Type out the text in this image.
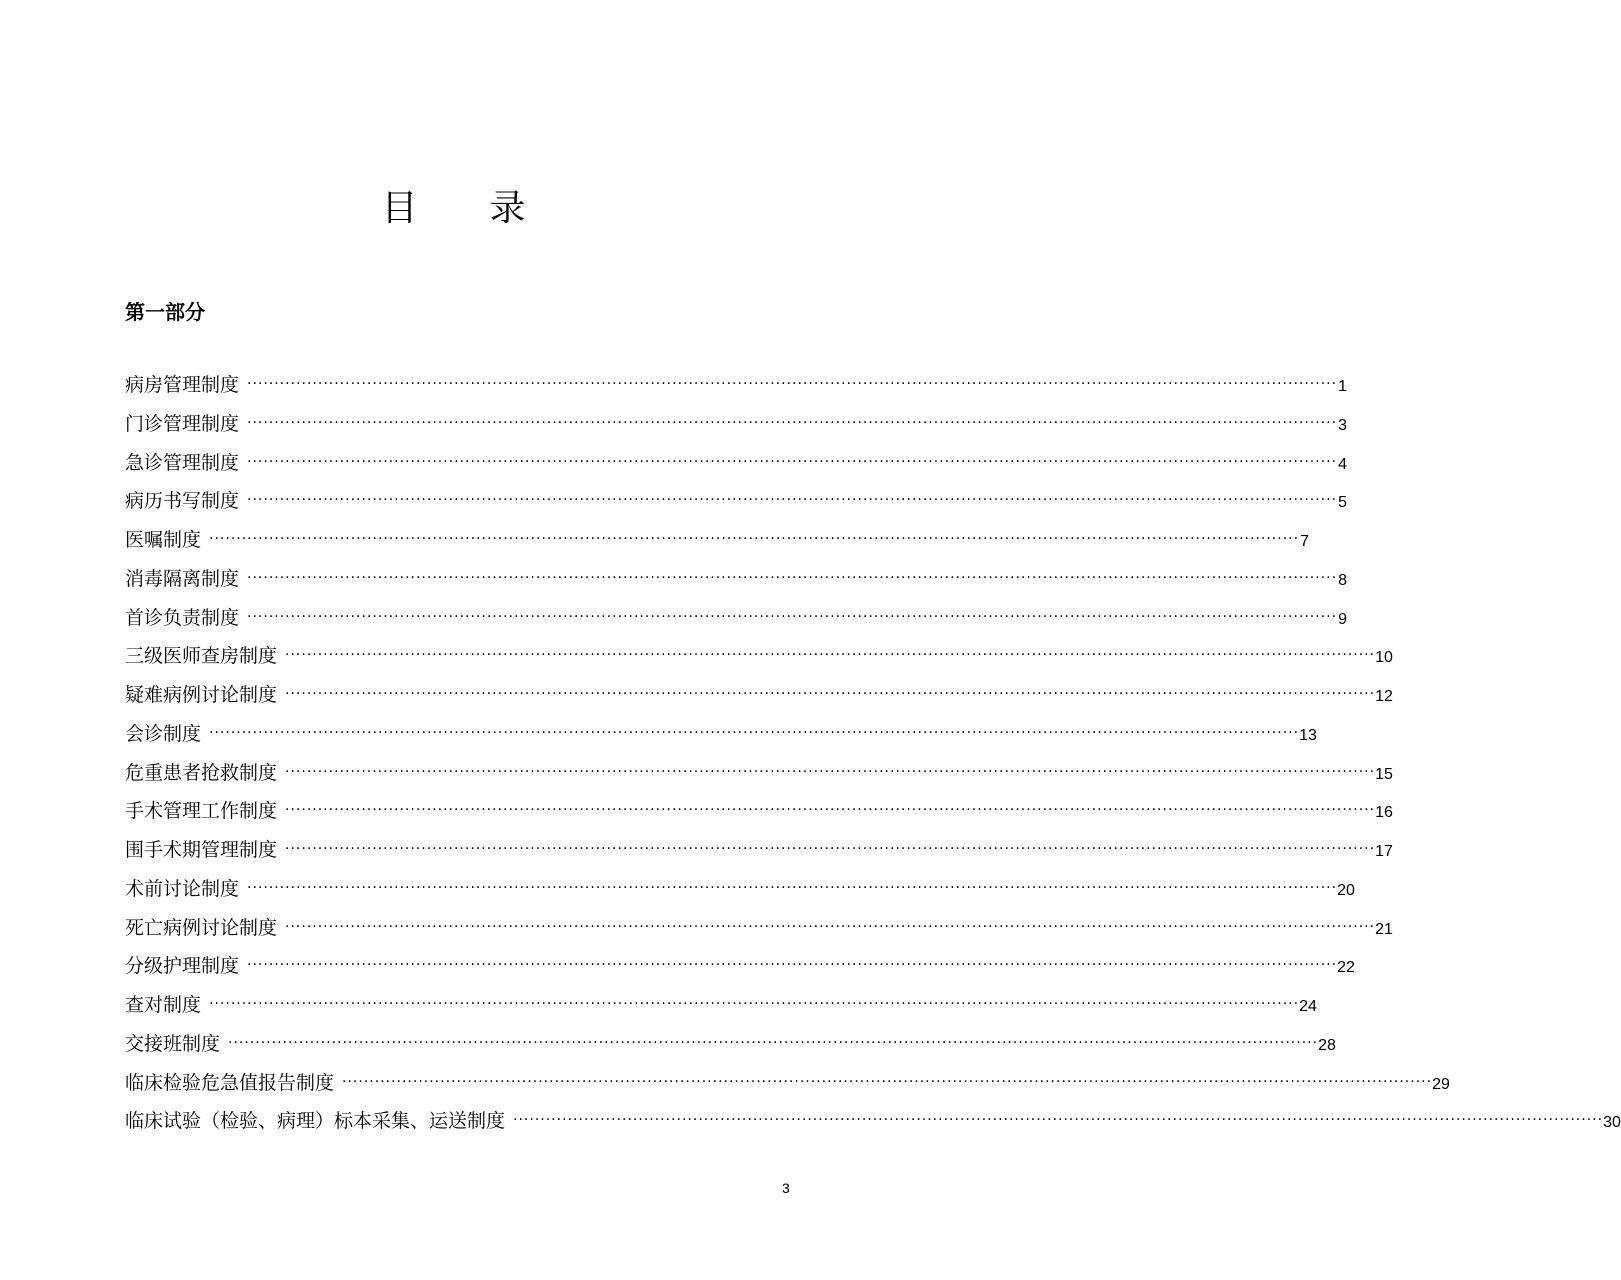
目 录
第一部分
病房管理制度 ········································································································································································································ 1
门诊管理制度 ········································································································································································································ 3
急诊管理制度 ········································································································································································································ 4
病历书写制度 ········································································································································································································ 5
医嘱制度 ········································································································································································································ 7
消毒隔离制度 ········································································································································································································ 8
首诊负责制度 ········································································································································································································ 9
三级医师查房制度 ········································································································································································································ 10
疑难病例讨论制度 ········································································································································································································ 12
会诊制度 ········································································································································································································ 13
危重患者抢救制度 ········································································································································································································ 15
手术管理工作制度 ········································································································································································································ 16
围手术期管理制度 ········································································································································································································ 17
术前讨论制度 ········································································································································································································ 20
死亡病例讨论制度 ········································································································································································································ 21
分级护理制度 ········································································································································································································ 22
查对制度 ········································································································································································································ 24
交接班制度 ········································································································································································································ 28
临床检验危急值报告制度 ········································································································································································································ 29
临床试验（检验、病理）标本采集、运送制度 ········································································································································································································ 30
3
